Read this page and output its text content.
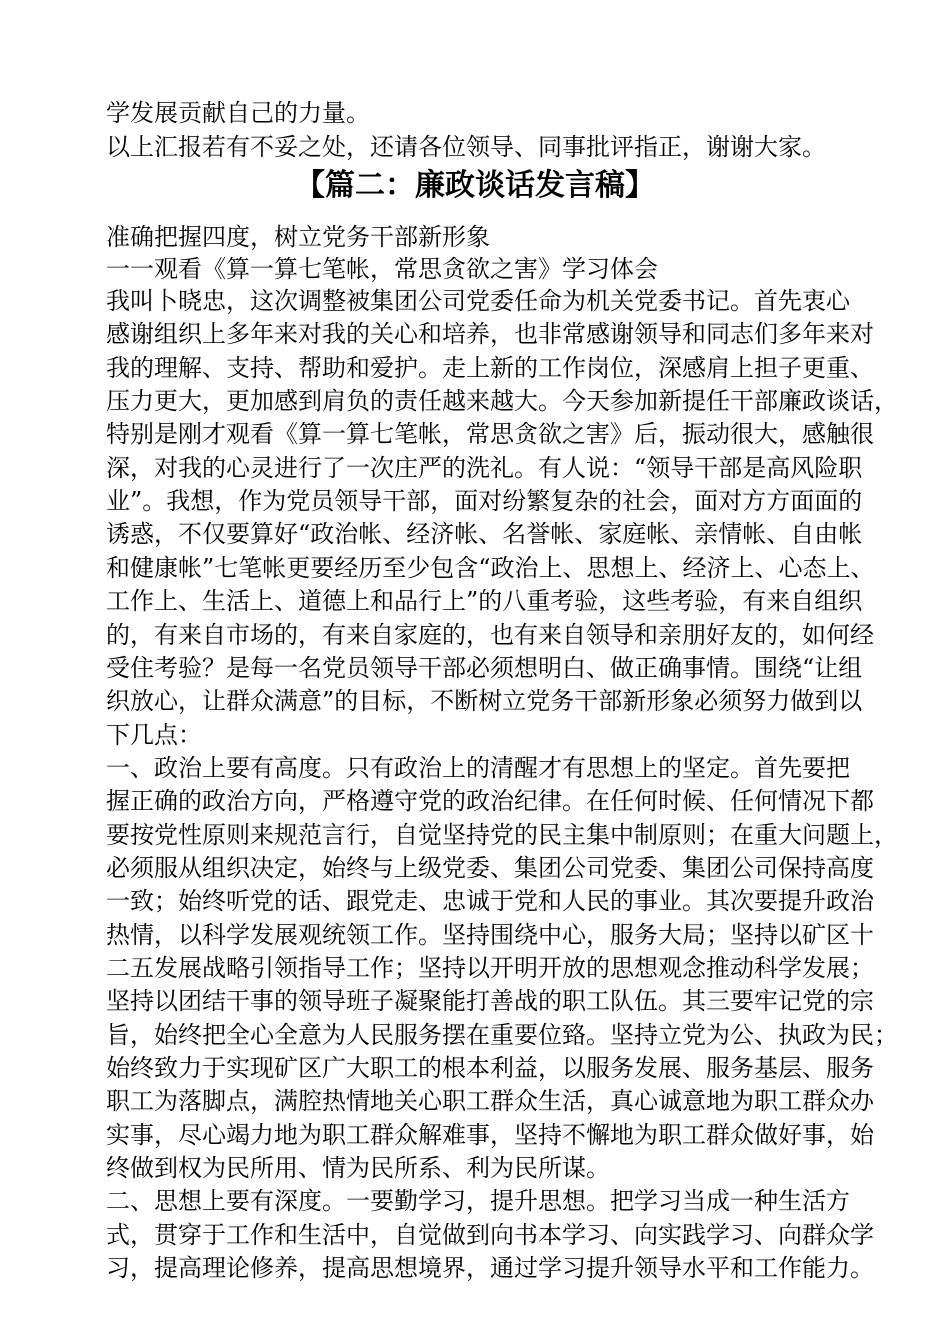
学发展贡献自己的力量。
以上汇报若有不妥之处，还请各位领导、同事批评指正，谢谢大家。
【篇二：廉政谈话发言稿】
准确把握四度，树立党务干部新形象
一一观看《算一算七笔帐，常思贪欲之害》学习体会
我叫卜晓忠，这次调整被集团公司党委任命为机关党委书记。首先衷心
感谢组织上多年来对我的关心和培养，也非常感谢领导和同志们多年来对
我的理解、支持、帮助和爱护。走上新的工作岗位，深感肩上担子更重、
压力更大，更加感到肩负的责任越来越大。今天参加新提任干部廉政谈话，
特别是刚才观看《算一算七笔帐，常思贪欲之害》后，振动很大，感触很
深，对我的心灵进行了一次庄严的洗礼。有人说：“领导干部是高风险职
业”。我想，作为党员领导干部，面对纷繁复杂的社会，面对方方面面的
诱惑，不仅要算好“政治帐、经济帐、名誉帐、家庭帐、亲情帐、自由帐
和健康帐”七笔帐更要经历至少包含“政治上、思想上、经济上、心态上、
工作上、生活上、道德上和品行上”的八重考验，这些考验，有来自组织
的，有来自市场的，有来自家庭的，也有来自领导和亲朋好友的，如何经
受住考验？是每一名党员领导干部必须想明白、做正确事情。围绕“让组
织放心，让群众满意”的目标，不断树立党务干部新形象必须努力做到以
下几点：
一、政治上要有高度。只有政治上的清醒才有思想上的坚定。首先要把
握正确的政治方向，严格遵守党的政治纪律。在任何时候、任何情况下都
要按党性原则来规范言行，自觉坚持党的民主集中制原则；在重大问题上，
必须服从组织决定，始终与上级党委、集团公司党委、集团公司保持高度
一致；始终听党的话、跟党走、忠诚于党和人民的事业。其次要提升政治
热情，以科学发展观统领工作。坚持围绕中心，服务大局；坚持以矿区十
二五发展战略引领指导工作；坚持以开明开放的思想观念推动科学发展；
坚持以团结干事的领导班子凝聚能打善战的职工队伍。其三要牢记党的宗
旨，始终把全心全意为人民服务摆在重要位臵。坚持立党为公、执政为民；
始终致力于实现矿区广大职工的根本利益，以服务发展、服务基层、服务
职工为落脚点，满腔热情地关心职工群众生活，真心诚意地为职工群众办
实事，尽心竭力地为职工群众解难事，坚持不懈地为职工群众做好事，始
终做到权为民所用、情为民所系、利为民所谋。
二、思想上要有深度。一要勤学习，提升思想。把学习当成一种生活方
式，贯穿于工作和生活中，自觉做到向书本学习、向实践学习、向群众学
习，提高理论修养，提高思想境界，通过学习提升领导水平和工作能力。
